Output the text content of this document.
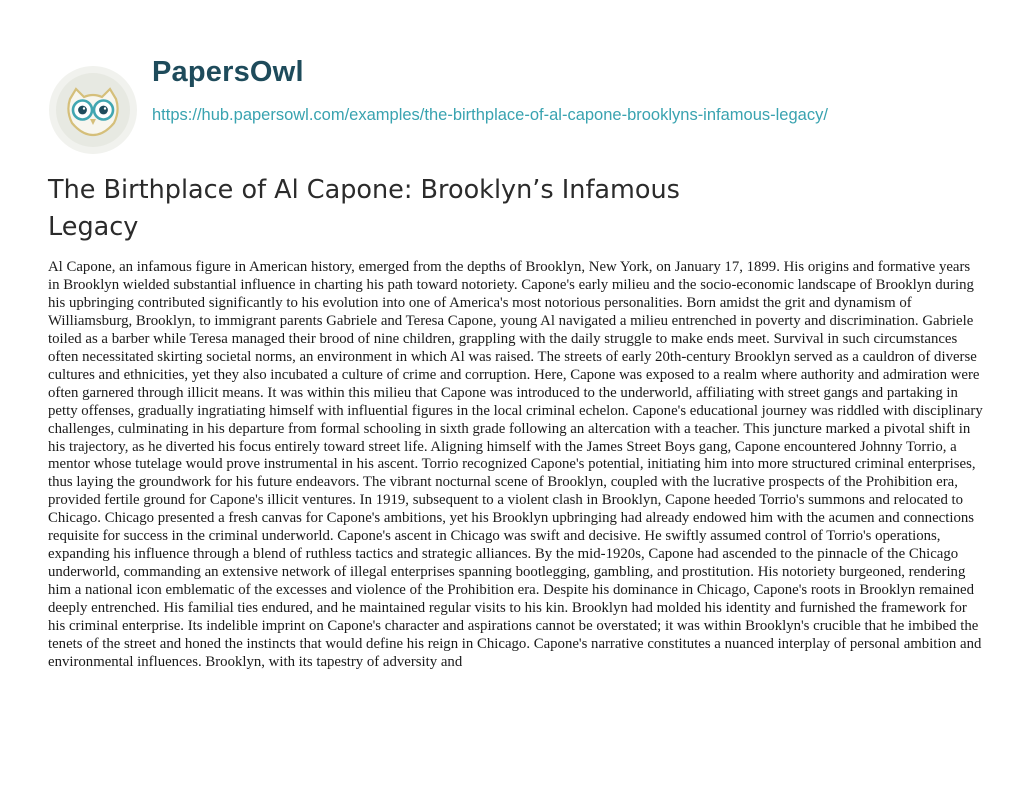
PapersOwl
https://hub.papersowl.com/examples/the-birthplace-of-al-capone-brooklyns-infamous-legacy/
The Birthplace of Al Capone: Brooklyn’s Infamous Legacy

Al Capone, an infamous figure in American history, emerged from the depths of Brooklyn, New York, on January 17, 1899. His origins and formative years in Brooklyn wielded substantial influence in charting his path toward notoriety. Capone's early milieu and the socio-economic landscape of Brooklyn during his upbringing contributed significantly to his evolution into one of America's most notorious personalities. Born amidst the grit and dynamism of Williamsburg, Brooklyn, to immigrant parents Gabriele and Teresa Capone, young Al navigated a milieu entrenched in poverty and discrimination. Gabriele toiled as a barber while Teresa managed their brood of nine children, grappling with the daily struggle to make ends meet. Survival in such circumstances often necessitated skirting societal norms, an environment in which Al was raised. The streets of early 20th-century Brooklyn served as a cauldron of diverse cultures and ethnicities, yet they also incubated a culture of crime and corruption. Here, Capone was exposed to a realm where authority and admiration were often garnered through illicit means. It was within this milieu that Capone was introduced to the underworld, affiliating with street gangs and partaking in petty offenses, gradually ingratiating himself with influential figures in the local criminal echelon. Capone's educational journey was riddled with disciplinary challenges, culminating in his departure from formal schooling in sixth grade following an altercation with a teacher. This juncture marked a pivotal shift in his trajectory, as he diverted his focus entirely toward street life. Aligning himself with the James Street Boys gang, Capone encountered Johnny Torrio, a mentor whose tutelage would prove instrumental in his ascent. Torrio recognized Capone's potential, initiating him into more structured criminal enterprises, thus laying the groundwork for his future endeavors. The vibrant nocturnal scene of Brooklyn, coupled with the lucrative prospects of the Prohibition era, provided fertile ground for Capone's illicit ventures. In 1919, subsequent to a violent clash in Brooklyn, Capone heeded Torrio's summons and relocated to Chicago. Chicago presented a fresh canvas for Capone's ambitions, yet his Brooklyn upbringing had already endowed him with the acumen and connections requisite for success in the criminal underworld. Capone's ascent in Chicago was swift and decisive. He swiftly assumed control of Torrio's operations, expanding his influence through a blend of ruthless tactics and strategic alliances. By the mid-1920s, Capone had ascended to the pinnacle of the Chicago underworld, commanding an extensive network of illegal enterprises spanning bootlegging, gambling, and prostitution. His notoriety burgeoned, rendering him a national icon emblematic of the excesses and violence of the Prohibition era. Despite his dominance in Chicago, Capone's roots in Brooklyn remained deeply entrenched. His familial ties endured, and he maintained regular visits to his kin. Brooklyn had molded his identity and furnished the framework for his criminal enterprise. Its indelible imprint on Capone's character and aspirations cannot be overstated; it was within Brooklyn's crucible that he imbibed the tenets of the street and honed the instincts that would define his reign in Chicago. Capone's narrative constitutes a nuanced interplay of personal ambition and environmental influences. Brooklyn, with its tapestry of adversity and
